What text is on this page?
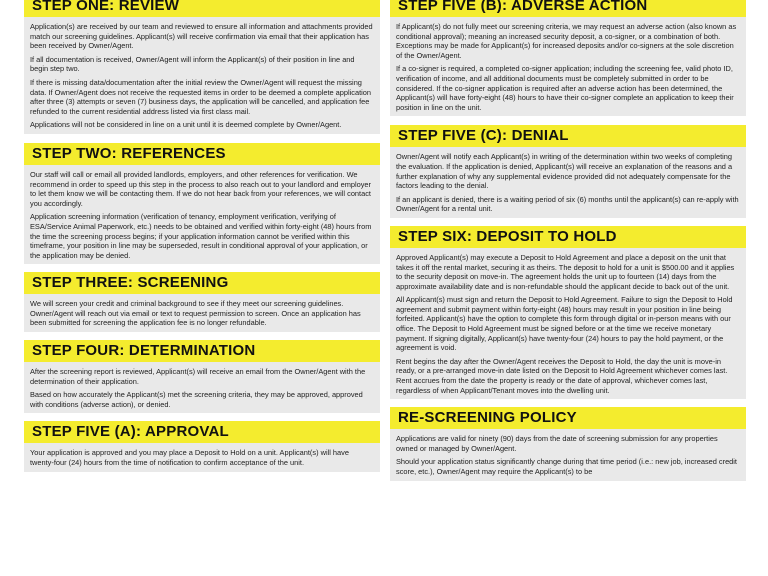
STEP ONE: REVIEW

Application(s) are received by our team and reviewed to ensure all information and attachments provided match our screening guidelines. Applicant(s) will receive confirmation via email that their application has been received by Owner/Agent.

If all documentation is received, Owner/Agent will inform the Applicant(s) of their position in line and begin step two.

If there is missing data/documentation after the initial review the Owner/Agent will request the missing data. If Owner/Agent does not receive the requested items in order to be deemed a complete application after three (3) attempts or seven (7) business days, the application will be cancelled, and application fee refunded to the current residential address listed via first class mail.

Applications will not be considered in line on a unit until it is deemed complete by Owner/Agent.

STEP TWO: REFERENCES

Our staff will call or email all provided landlords, employers, and other references for verification. We recommend in order to speed up this step in the process to also reach out to your landlord and employer to let them know we will be contacting them. If we do not hear back from your references, we will contact you accordingly.

Application screening information (verification of tenancy, employment verification, verifying of ESA/Service Animal Paperwork, etc.) needs to be obtained and verified within forty-eight (48) hours from the time the screening process begins; if your application information cannot be verified within this timeframe, your position in line may be superseded, result in conditional approval of your application, or the application may be denied.

STEP THREE: SCREENING

We will screen your credit and criminal background to see if they meet our screening guidelines. Owner/Agent will reach out via email or text to request permission to screen. Once an application has been submitted for screening the application fee is no longer refundable.

STEP FOUR: DETERMINATION

After the screening report is reviewed, Applicant(s) will receive an email from the Owner/Agent with the determination of their application.

Based on how accurately the Applicant(s) met the screening criteria, they may be approved, approved with conditions (adverse action), or denied.

STEP FIVE (A): APPROVAL

Your application is approved and you may place a Deposit to Hold on a unit. Applicant(s) will have twenty-four (24) hours from the time of notification to confirm acceptance of the unit.

STEP FIVE (B): ADVERSE ACTION

If Applicant(s) do not fully meet our screening criteria, we may request an adverse action (also known as conditional approval); meaning an increased security deposit, a co-signer, or a combination of both. Exceptions may be made for Applicant(s) for increased deposits and/or co-signers at the sole discretion of the Owner/Agent.

If a co-signer is required, a completed co-signer application; including the screening fee, valid photo ID, verification of income, and all additional documents must be completely submitted in order to be considered. If the co-signer application is required after an adverse action has been determined, the Applicant(s) will have forty-eight (48) hours to have their co-signer complete an application to keep their position in line on the unit.

STEP FIVE (C): DENIAL

Owner/Agent will notify each Applicant(s) in writing of the determination within two weeks of completing the evaluation. If the application is denied, Applicant(s) will receive an explanation of the reasons and a further explanation of why any supplemental evidence provided did not adequately compensate for the factors leading to the denial.

If an applicant is denied, there is a waiting period of six (6) months until the applicant(s) can re-apply with Owner/Agent for a rental unit.

STEP SIX: DEPOSIT TO HOLD

Approved Applicant(s) may execute a Deposit to Hold Agreement and place a deposit on the unit that takes it off the rental market, securing it as theirs. The deposit to hold for a unit is $500.00 and it applies to the security deposit on move-in. The agreement holds the unit up to fourteen (14) days from the approximate availability date and is non-refundable should the applicant decide to back out of the unit.

All Applicant(s) must sign and return the Deposit to Hold Agreement. Failure to sign the Deposit to Hold agreement and submit payment within forty-eight (48) hours may result in your position in line being forfeited. Applicant(s) have the option to complete this form through digital or in-person means with our office. The Deposit to Hold Agreement must be signed before or at the time we receive monetary payment. If signing digitally, Applicant(s) have twenty-four (24) hours to pay the hold payment, or the agreement is void.

Rent begins the day after the Owner/Agent receives the Deposit to Hold, the day the unit is move-in ready, or a pre-arranged move-in date listed on the Deposit to Hold Agreement whichever comes last. Rent accrues from the date the property is ready or the date of approval, whichever comes last, regardless of when Applicant/Tenant moves into the dwelling unit.

RE-SCREENING POLICY

Applications are valid for ninety (90) days from the date of screening submission for any properties owned or managed by Owner/Agent.

Should your application status significantly change during that time period (i.e.: new job, increased credit score, etc.), Owner/Agent may require the Applicant(s) to be
